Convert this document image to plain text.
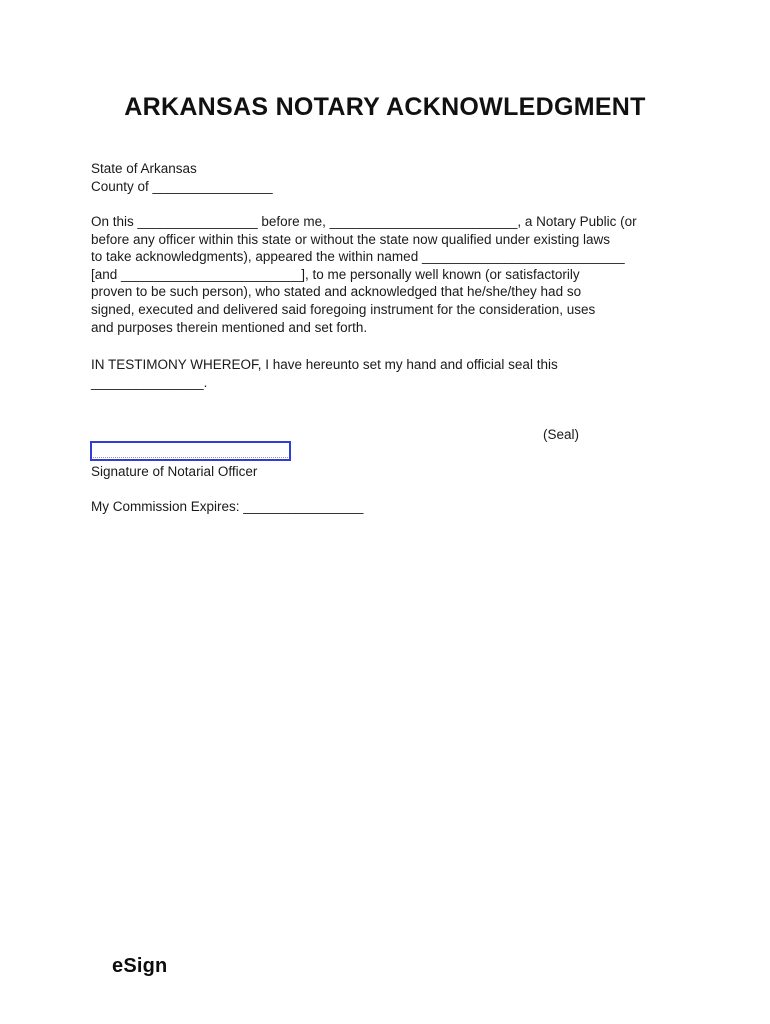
ARKANSAS NOTARY ACKNOWLEDGMENT
State of Arkansas
County of ________________
On this ________________ before me, _________________________, a Notary Public (or
before any officer within this state or without the state now qualified under existing laws
to take acknowledgments), appeared the within named ___________________________
[and ________________________], to me personally well known (or satisfactorily
proven to be such person), who stated and acknowledged that he/she/they had so
signed, executed and delivered said foregoing instrument for the consideration, uses
and purposes therein mentioned and set forth.
IN TESTIMONY WHEREOF, I have hereunto set my hand and official seal this
_______________.
(Seal)
Signature of Notarial Officer
My Commission Expires: ________________
eSign
